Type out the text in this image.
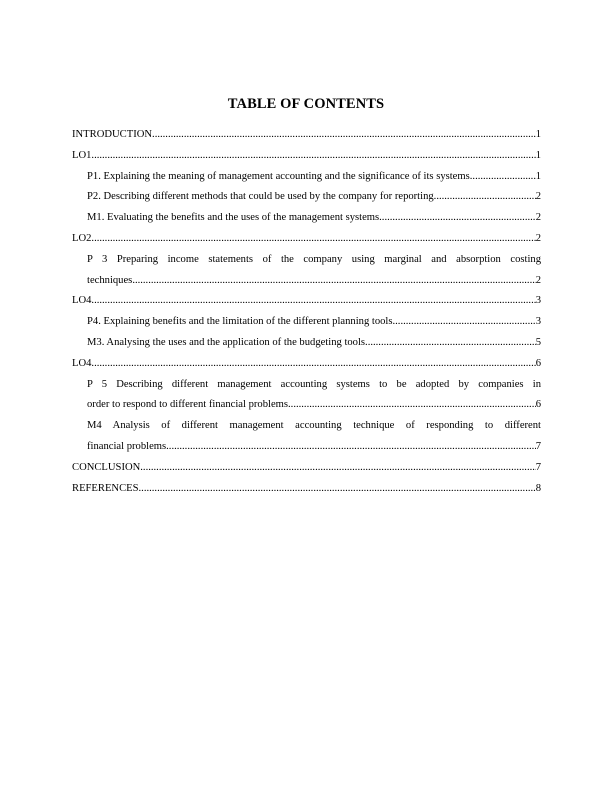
TABLE OF CONTENTS
INTRODUCTION .....	1
LO1 .....	1
P1. Explaining the meaning of management accounting and the significance of its systems .....	1
P2. Describing different methods that could be used by the company for reporting .....	2
M1. Evaluating the benefits and the uses of the management systems. .....	2
LO2 .....	2
P 3 Preparing income statements of the company using marginal and absorption costing
techniques .....	2
LO4 .....	3
P4. Explaining benefits and the limitation of the different planning tools .....	3
M3. Analysing the uses and the application of the budgeting tools .....	5
LO4 .....	6
P 5 Describing different management accounting systems to be adopted by companies in
order to respond to different financial problems .....	6
M4 Analysis of different management accounting technique of responding to different
financial problems .....	7
CONCLUSION .....	7
REFERENCES .....	8
